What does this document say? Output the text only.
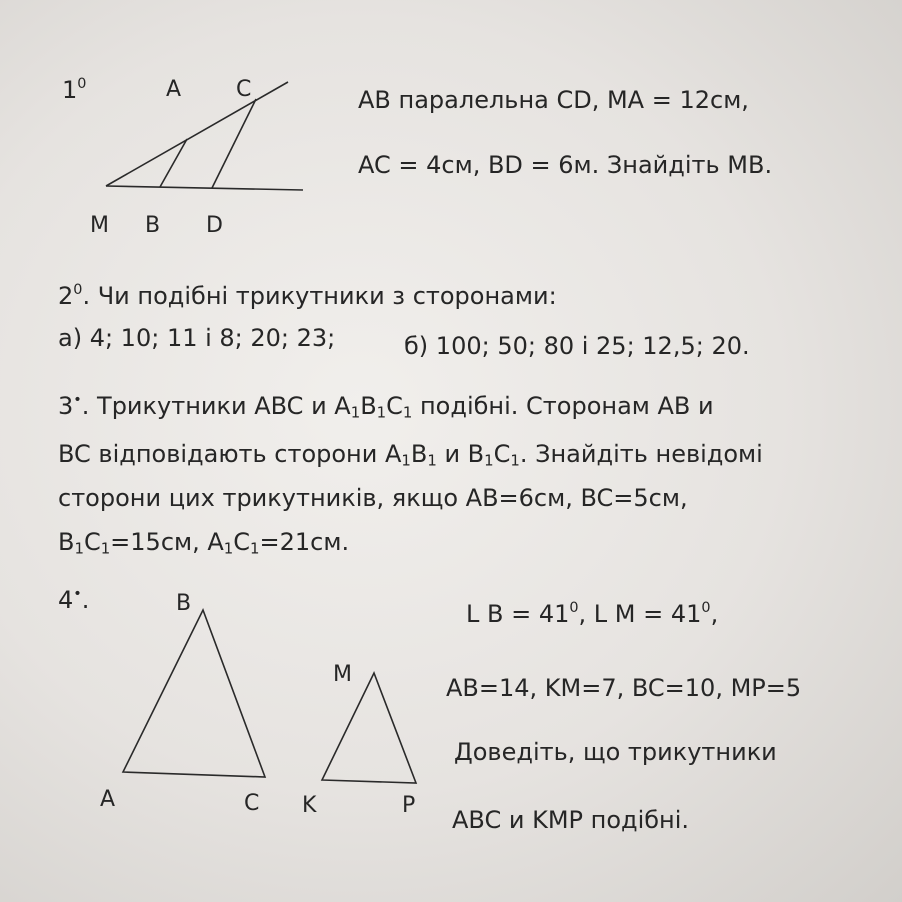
$1^0$	A C
M B D
AB паралельна CD, MA = 12см,
AC = 4см, BD = 6м. Знайдіть MB.
$2^0$. Чи подібні трикутники з сторонами:
а) 4; 10; 11 і 8; 20; 23;	б) 100; 50; 80 і 25; 12,5; 20.
3•. Трикутники ABC и $A_1B_1C_1$ подібні. Сторонам AB и
BC відповідають сторони $A_1B_1$ и $B_1C_1$. Знайдіть невідомі
сторони цих трикутників, якщо AB=6см, BC=5см,
$B_1C_1=15см$, $A_1C_1=21см$.
4•.	B
A	C
M
K	P
L $B = 41^0$, L $M = 41^0$,
AB=14, KM=7, BC=10, MP=5
Доведіть, що трикутники
ABC и KMP подібні.
